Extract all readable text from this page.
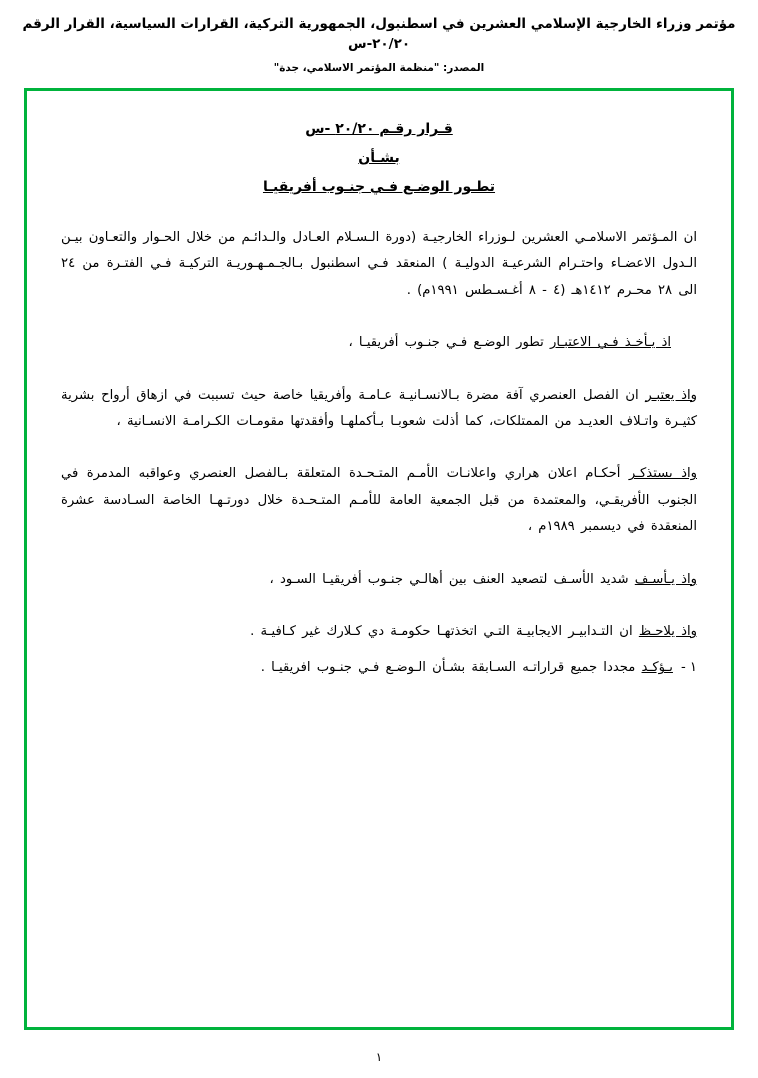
مؤتمر وزراء الخارجية الإسلامي العشرين في اسطنبول، الجمهورية التركية، القرارات السياسية، القرار الرقم ٢٠/٢٠-س
المصدر: "منظمة المؤتمر الاسلامي، جدة"
قـرار رقـم ٢٠/٢٠ -س
بشـأن
تطـور الوضـع فـي جنـوب أفريقيـا

ان المـؤتمر الاسلامـي العشرين لـوزراء الخارجيـة (دورة الـسـلام العـادل والـدائـم من خلال الحـوار والتعـاون بيـن الـدول الاعضـاء واحتـرام الشرعيـة الدوليـة ) المنعقد فـي اسطنبول بـالجـمـهـوريـة التركيـة فـي الفتـرة من ٢٤ الى ٢٨ محـرم ١٤١٢هـ (٤ - ٨ أغـسـطس ١٩٩١م) .

اذ يـأخـذ فـي الاعتبـار تطور الوضـع فـي جنـوب أفريقيـا ،

واذ يعتبـر ان الفصل العنصري آفة مضرة بـالانسـانيـة عـامـة وأفريقيا خاصة حيث تسببت في ازهاق أرواح بشرية كثيـرة واتـلاف العديـد من الممتلكات، كما أذلت شعوبـا بـأكملهـا وأفقدتها مقومـات الكـرامـة الانسـانية ،

واذ يستذكـر أحكـام اعلان هراري واعلانـات الأمـم المتـحـدة المتعلقة بـالفصل العنصري وعواقبه المدمرة في الجنوب الأفريقـي، والمعتمدة من قبل الجمعية العامة للأمـم المتـحـدة خلال دورتـهـا الخاصة السـادسة عشرة المنعقدة في ديسمبر ١٩٨٩م ،

واذ يـأسـف شديد الأسـف لتصعيد العنف بين أهالـي جنـوب أفريقيـا السـود ،

واذ يلاحـظ ان التـدابيـر الايجابيـة التـي اتخذتهـا حكومـة دي كـلارك غير كـافيـة .

١ -

يـؤكـد مجددا جميع قراراتـه السـابقة بشـأن الـوضـع فـي جنـوب افريقيـا .

١
